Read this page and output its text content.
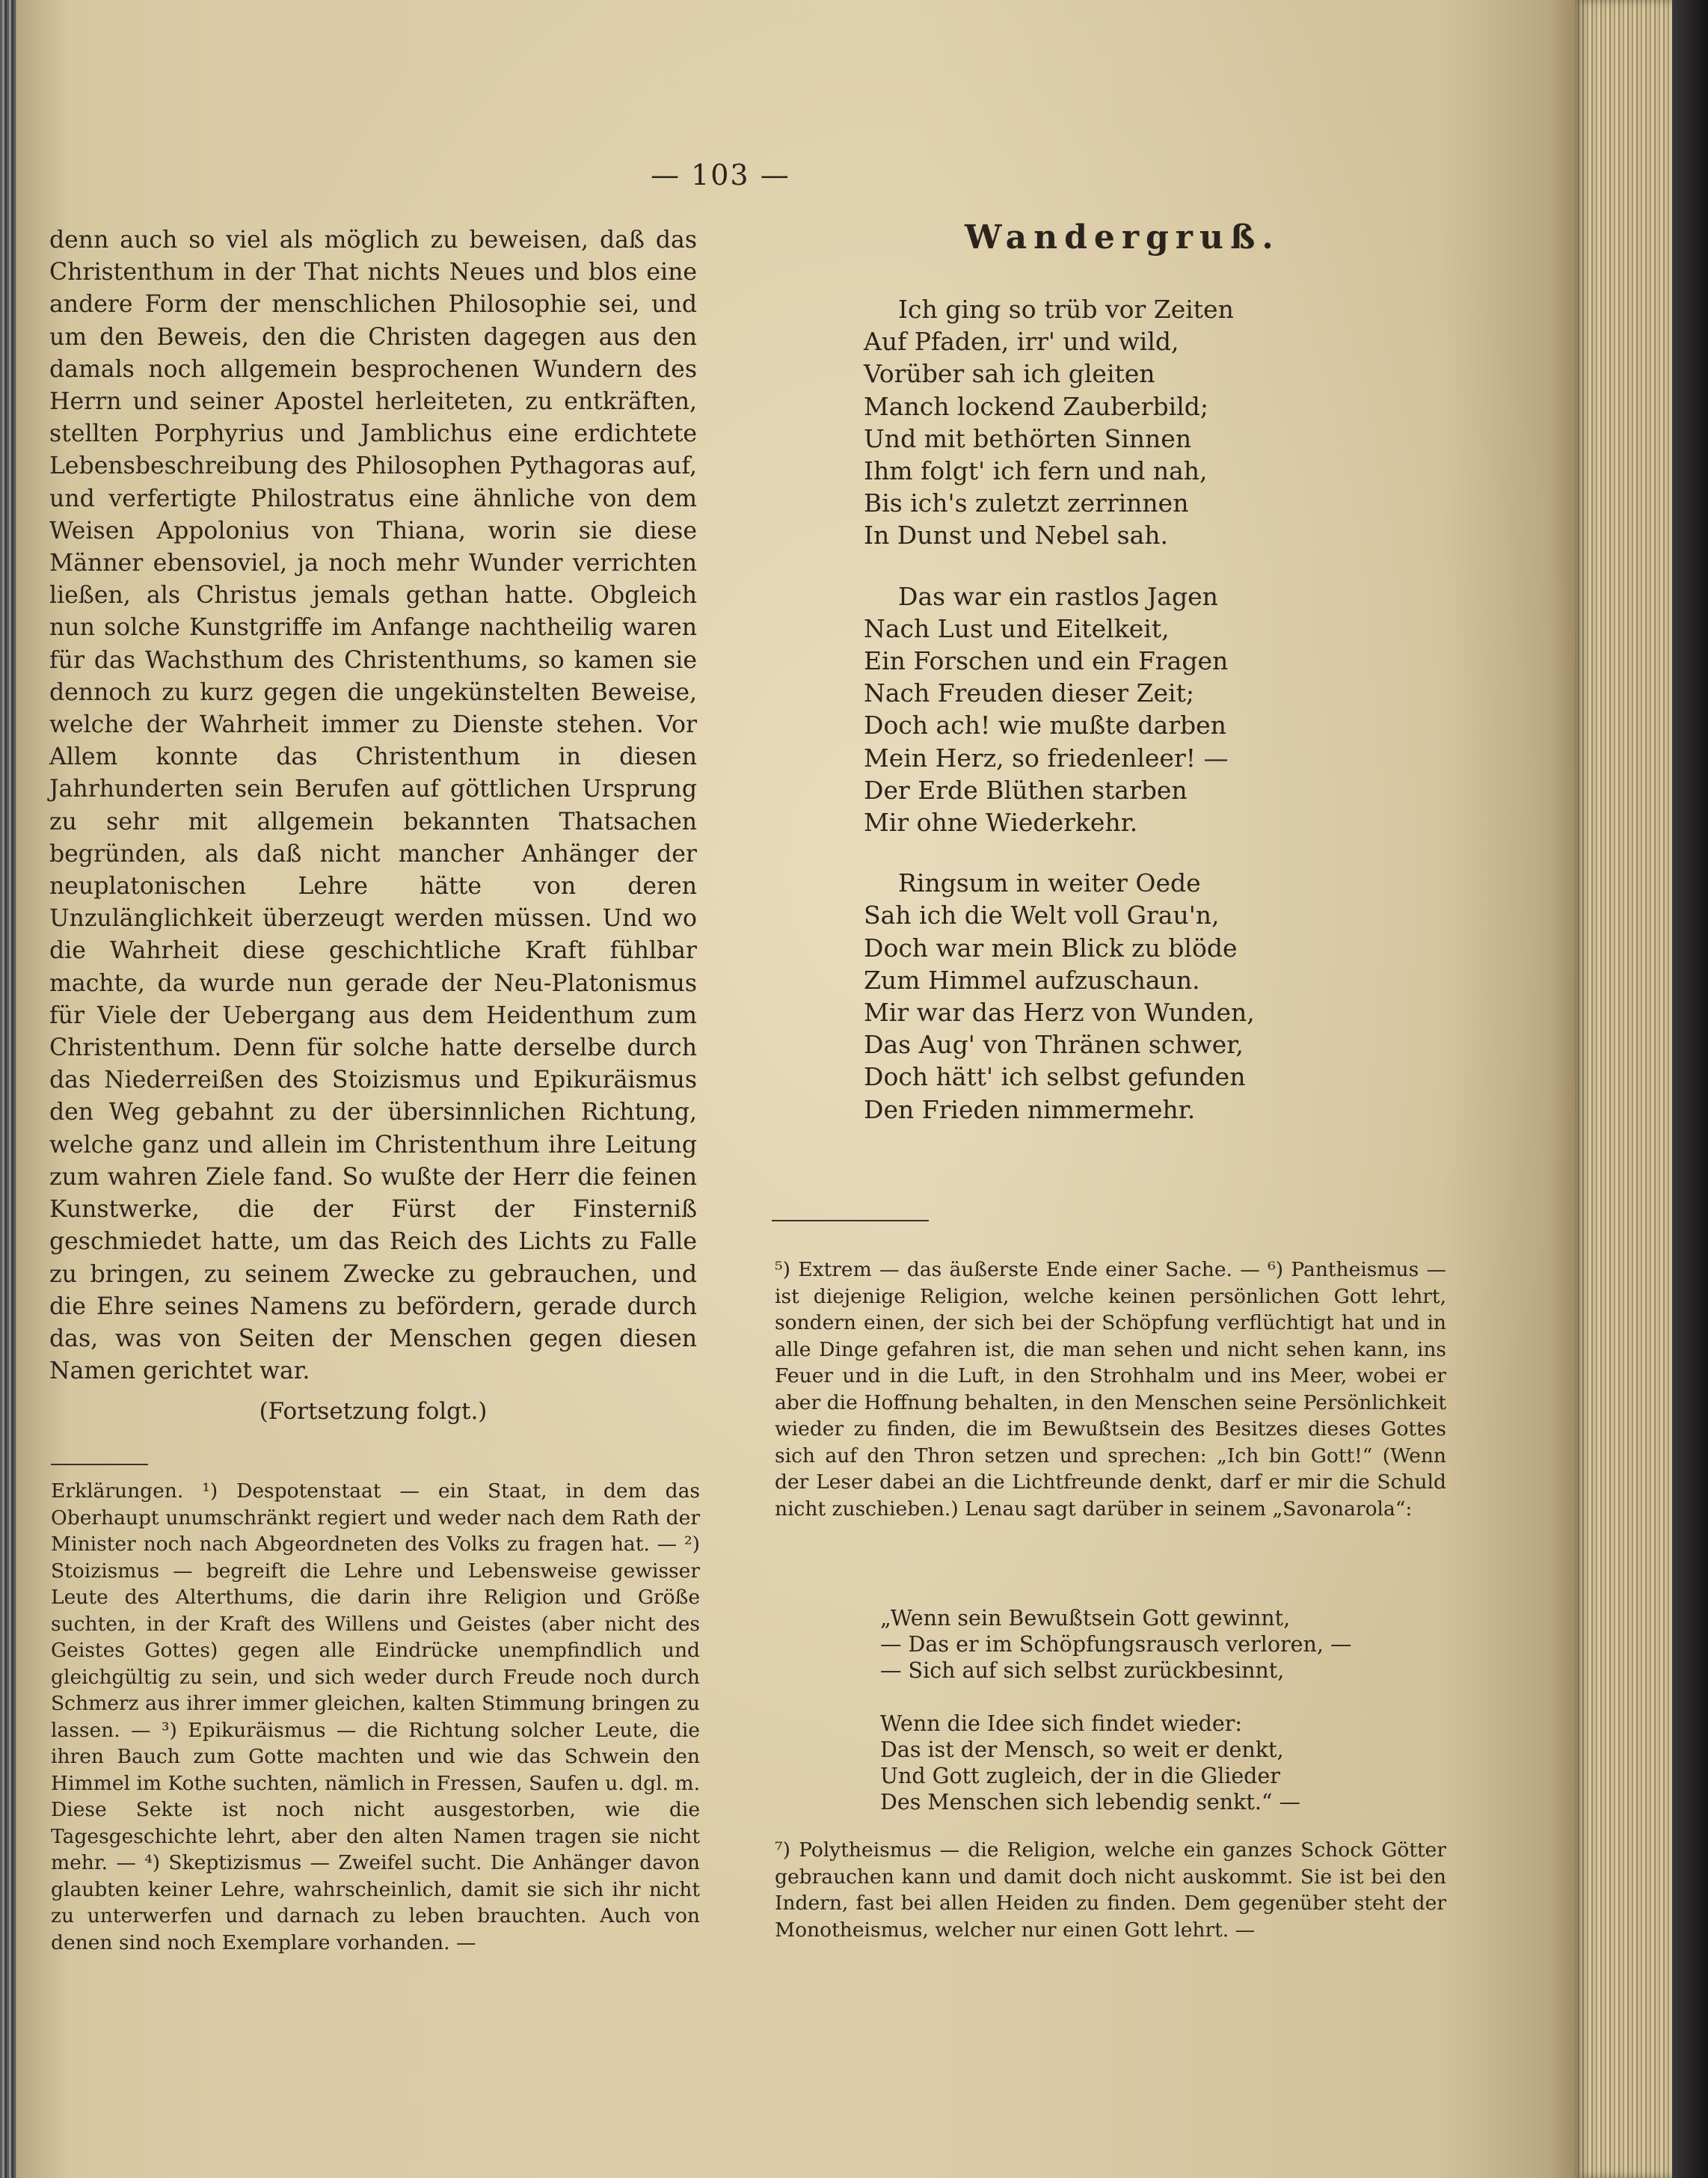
— 103 —

denn auch so viel als möglich zu beweisen, daß das Christenthum in der That nichts Neues und blos eine andere Form der menschlichen Philosophie sei, und um den Beweis, den die Christen dagegen aus den damals noch allgemein besprochenen Wundern des Herrn und seiner Apostel herleiteten, zu entkräften, stellten Porphyrius und Jamblichus eine erdichtete Lebensbeschreibung des Philosophen Pythagoras auf, und verfertigte Philostratus eine ähnliche von dem Weisen Appolonius von Thiana, worin sie diese Männer ebensoviel, ja noch mehr Wunder verrichten ließen, als Christus jemals gethan hatte. Obgleich nun solche Kunstgriffe im Anfange nachtheilig waren für das Wachsthum des Christenthums, so kamen sie dennoch zu kurz gegen die ungekünstelten Beweise, welche der Wahrheit immer zu Dienste stehen. Vor Allem konnte das Christenthum in diesen Jahrhunderten sein Berufen auf göttlichen Ursprung zu sehr mit allgemein bekannten Thatsachen begründen, als daß nicht mancher Anhänger der neuplatonischen Lehre hätte von deren Unzulänglichkeit überzeugt werden müssen. Und wo die Wahrheit diese geschichtliche Kraft fühlbar machte, da wurde nun gerade der Neu-Platonismus für Viele der Uebergang aus dem Heidenthum zum Christenthum. Denn für solche hatte derselbe durch das Niederreißen des Stoizismus und Epikuräismus den Weg gebahnt zu der übersinnlichen Richtung, welche ganz und allein im Christenthum ihre Leitung zum wahren Ziele fand. So wußte der Herr die feinen Kunstwerke, die der Fürst der Finsterniß geschmiedet hatte, um das Reich des Lichts zu Falle zu bringen, zu seinem Zwecke zu gebrauchen, und die Ehre seines Namens zu befördern, gerade durch das, was von Seiten der Menschen gegen diesen Namen gerichtet war.

(Fortsetzung folgt.)

Erklärungen. ¹) Despotenstaat — ein Staat, in dem das Oberhaupt unumschränkt regiert und weder nach dem Rath der Minister noch nach Abgeordneten des Volks zu fragen hat. — ²) Stoizismus — begreift die Lehre und Lebensweise gewisser Leute des Alterthums, die darin ihre Religion und Größe suchten, in der Kraft des Willens und Geistes (aber nicht des Geistes Gottes) gegen alle Eindrücke unempfindlich und gleichgültig zu sein, und sich weder durch Freude noch durch Schmerz aus ihrer immer gleichen, kalten Stimmung bringen zu lassen. — ³) Epikuräismus — die Richtung solcher Leute, die ihren Bauch zum Gotte machten und wie das Schwein den Himmel im Kothe suchten, nämlich in Fressen, Saufen u. dgl. m. Diese Sekte ist noch nicht ausgestorben, wie die Tagesgeschichte lehrt, aber den alten Namen tragen sie nicht mehr. — ⁴) Skeptizismus — Zweifel sucht. Die Anhänger davon glaubten keiner Lehre, wahrscheinlich, damit sie sich ihr nicht zu unterwerfen und darnach zu leben brauchten. Auch von denen sind noch Exemplare vorhanden. —

Wandergruß.

Ich ging so trüb vor Zeiten

Auf Pfaden, irr' und wild,

Vorüber sah ich gleiten

Manch lockend Zauberbild;

Und mit bethörten Sinnen

Ihm folgt' ich fern und nah,

Bis ich's zuletzt zerrinnen

In Dunst und Nebel sah.

Das war ein rastlos Jagen

Nach Lust und Eitelkeit,

Ein Forschen und ein Fragen

Nach Freuden dieser Zeit;

Doch ach! wie mußte darben

Mein Herz, so friedenleer! —

Der Erde Blüthen starben

Mir ohne Wiederkehr.

Ringsum in weiter Oede

Sah ich die Welt voll Grau'n,

Doch war mein Blick zu blöde

Zum Himmel aufzuschaun.

Mir war das Herz von Wunden,

Das Aug' von Thränen schwer,

Doch hätt' ich selbst gefunden

Den Frieden nimmermehr.

⁵) Extrem — das äußerste Ende einer Sache. — ⁶) Pantheismus — ist diejenige Religion, welche keinen persönlichen Gott lehrt, sondern einen, der sich bei der Schöpfung verflüchtigt hat und in alle Dinge gefahren ist, die man sehen und nicht sehen kann, ins Feuer und in die Luft, in den Strohhalm und ins Meer, wobei er aber die Hoffnung behalten, in den Menschen seine Persönlichkeit wieder zu finden, die im Bewußtsein des Besitzes dieses Gottes sich auf den Thron setzen und sprechen: „Ich bin Gott!“ (Wenn der Leser dabei an die Lichtfreunde denkt, darf er mir die Schuld nicht zuschieben.) Lenau sagt darüber in seinem „Savonarola“:

„Wenn sein Bewußtsein Gott gewinnt,

— Das er im Schöpfungsrausch verloren, —

— Sich auf sich selbst zurückbesinnt,

Wenn die Idee sich findet wieder:

Das ist der Mensch, so weit er denkt,

Und Gott zugleich, der in die Glieder

Des Menschen sich lebendig senkt.“ —

⁷) Polytheismus — die Religion, welche ein ganzes Schock Götter gebrauchen kann und damit doch nicht auskommt. Sie ist bei den Indern, fast bei allen Heiden zu finden. Dem gegenüber steht der Monotheismus, welcher nur einen Gott lehrt. —
